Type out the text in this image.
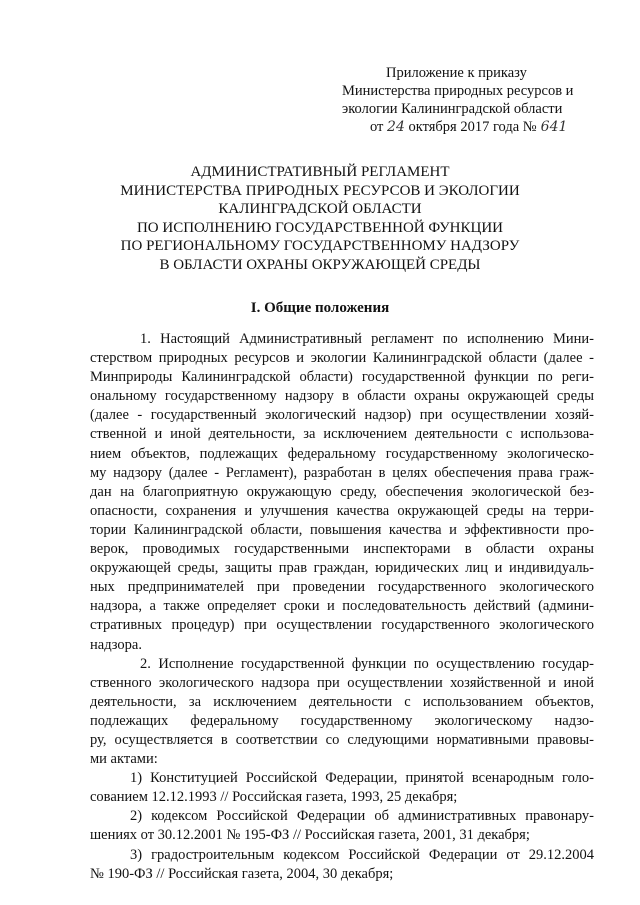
Приложение к приказу
Министерства природных ресурсов и
экологии Калининградской области
от 24 октября 2017 года № 641
АДМИНИСТРАТИВНЫЙ РЕГЛАМЕНТ
МИНИСТЕРСТВА ПРИРОДНЫХ РЕСУРСОВ И ЭКОЛОГИИ
КАЛИНГРАДСКОЙ ОБЛАСТИ
ПО ИСПОЛНЕНИЮ ГОСУДАРСТВЕННОЙ ФУНКЦИИ
ПО РЕГИОНАЛЬНОМУ ГОСУДАРСТВЕННОМУ НАДЗОРУ
В ОБЛАСТИ ОХРАНЫ ОКРУЖАЮЩЕЙ СРЕДЫ
I. Общие положения
1. Настоящий Административный регламент по исполнению Мини-
стерством природных ресурсов и экологии Калининградской области (далее -
Минприроды Калининградской области) государственной функции по реги-
ональному государственному надзору в области охраны окружающей среды
(далее - государственный экологический надзор) при осуществлении хозяй-
ственной и иной деятельности, за исключением деятельности с использова-
нием объектов, подлежащих федеральному государственному экологическо-
му надзору (далее - Регламент), разработан в целях обеспечения права граж-
дан на благоприятную окружающую среду, обеспечения экологической без-
опасности, сохранения и улучшения качества окружающей среды на терри-
тории Калининградской области, повышения качества и эффективности про-
верок, проводимых государственными инспекторами в области охраны
окружающей среды, защиты прав граждан, юридических лиц и индивидуаль-
ных предпринимателей при проведении государственного экологического
надзора, а также определяет сроки и последовательность действий (админи-
стративных процедур) при осуществлении государственного экологического
надзора.
2. Исполнение государственной функции по осуществлению государ-
ственного экологического надзора при осуществлении хозяйственной и иной
деятельности, за исключением деятельности с использованием объектов,
подлежащих федеральному государственному экологическому надзо-
ру, осуществляется в соответствии со следующими нормативными правовы-
ми актами:
1) Конституцией Российской Федерации, принятой всенародным голо-
сованием 12.12.1993 // Российская газета, 1993, 25 декабря;
2) кодексом Российской Федерации об административных правонару-
шениях от 30.12.2001 № 195-ФЗ // Российская газета, 2001, 31 декабря;
3) градостроительным кодексом Российской Федерации от 29.12.2004
№ 190-ФЗ // Российская газета, 2004, 30 декабря;
